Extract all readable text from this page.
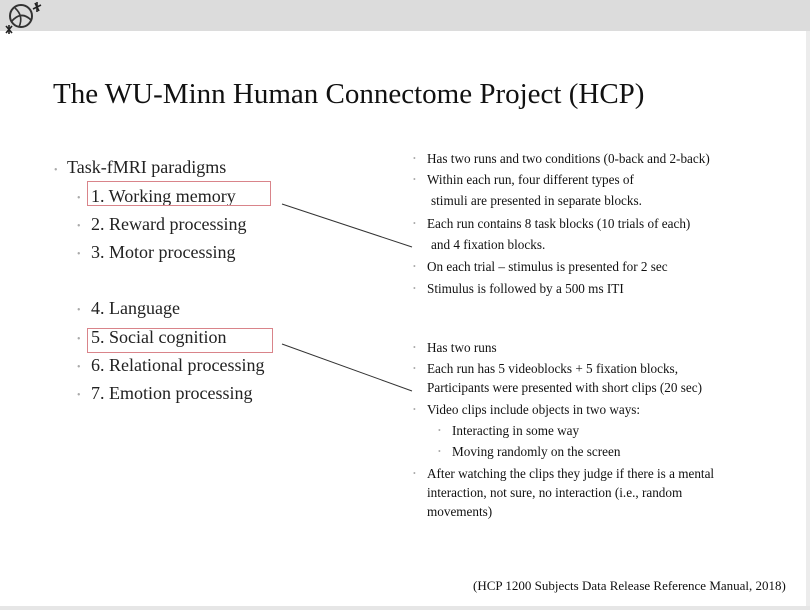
The WU-Minn Human Connectome Project (HCP)
• Task-fMRI paradigms
• 1. Working memory
• 2. Reward processing
• 3. Motor processing
• 4. Language
• 5. Social cognition
• 6. Relational processing
• 7. Emotion processing
• Has two runs and two conditions (0-back and 2-back)
• Within each run, four different types of
stimuli are presented in separate blocks.
• Each run contains 8 task blocks (10 trials of each)
and 4 fixation blocks.
• On each trial – stimulus is presented for 2 sec
• Stimulus is followed by a 500 ms ITI
• Has two runs
• Each run has 5 videoblocks + 5 fixation blocks,
Participants were presented with short clips (20 sec)
• Video clips include objects in two ways:
• Interacting in some way
• Moving randomly on the screen
• After watching the clips they judge if there is a mental
interaction, not sure, no interaction (i.e., random
movements)
(HCP 1200 Subjects Data Release Reference Manual, 2018)
